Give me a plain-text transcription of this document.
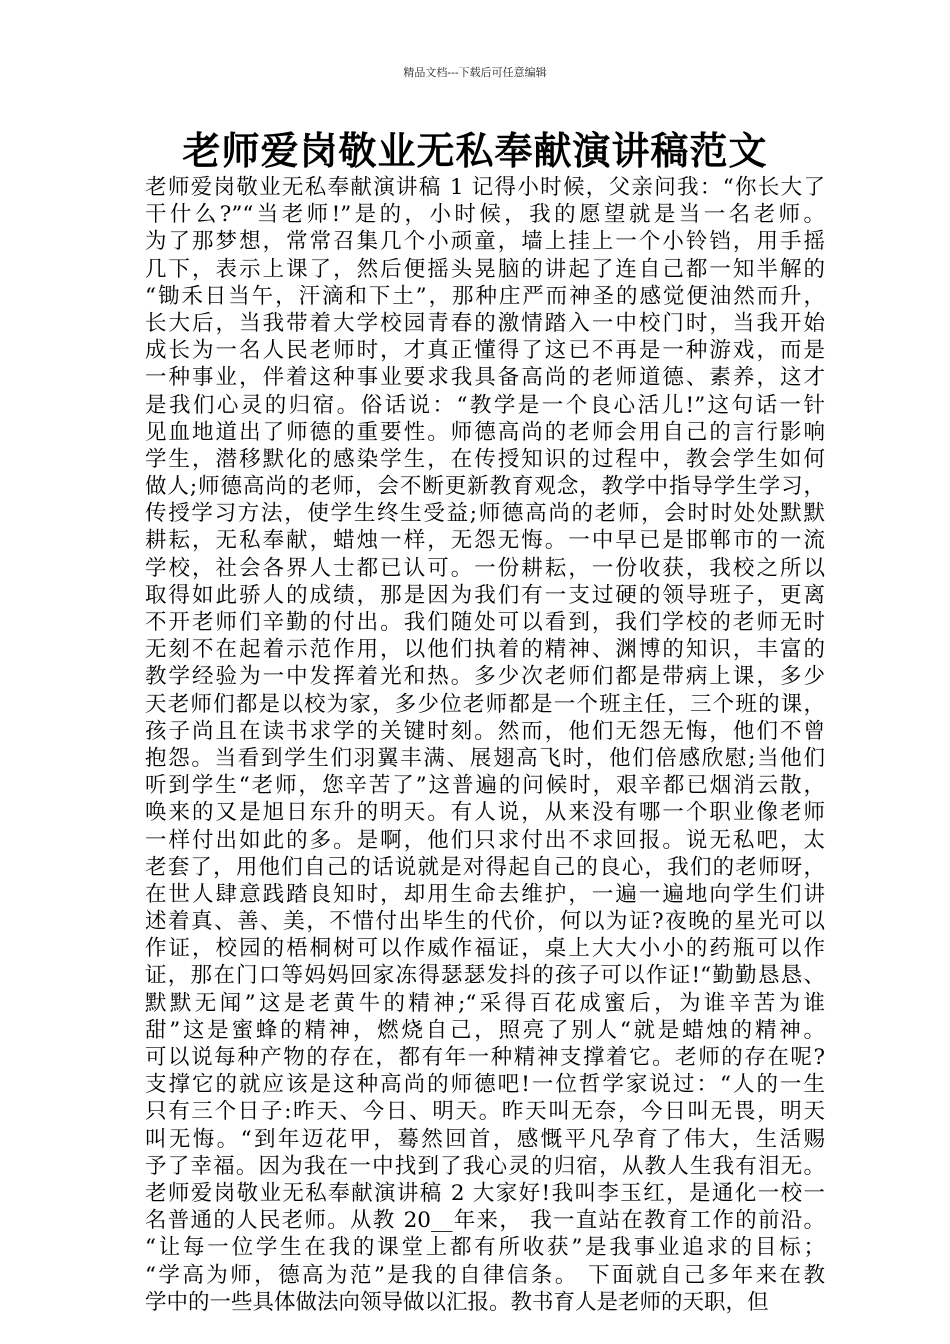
精品文档---下载后可任意编辑
老师爱岗敬业无私奉献演讲稿范文
老师爱岗敬业无私奉献演讲稿 1 记得小时候，父亲问我：“你长大了
干什么?”“当老师!”是的，小时候，我的愿望就是当一名老师。
为了那梦想，常常召集几个小顽童，墙上挂上一个小铃铛，用手摇
几下，表示上课了，然后便摇头晃脑的讲起了连自己都一知半解的
“锄禾日当午，汗滴和下土”，那种庄严而神圣的感觉便油然而升，
长大后，当我带着大学校园青春的激情踏入一中校门时，当我开始
成长为一名人民老师时，才真正懂得了这已不再是一种游戏，而是
一种事业，伴着这种事业要求我具备高尚的老师道德、素养，这才
是我们心灵的归宿。俗话说：“教学是一个良心活儿!”这句话一针
见血地道出了师德的重要性。师德高尚的老师会用自己的言行影响
学生，潜移默化的感染学生，在传授知识的过程中，教会学生如何
做人;师德高尚的老师，会不断更新教育观念，教学中指导学生学习，
传授学习方法，使学生终生受益;师德高尚的老师，会时时处处默默
耕耘，无私奉献，蜡烛一样，无怨无悔。一中早已是邯郸市的一流
学校，社会各界人士都已认可。一份耕耘，一份收获，我校之所以
取得如此骄人的成绩，那是因为我们有一支过硬的领导班子，更离
不开老师们辛勤的付出。我们随处可以看到，我们学校的老师无时
无刻不在起着示范作用，以他们执着的精神、渊博的知识，丰富的
教学经验为一中发挥着光和热。多少次老师们都是带病上课，多少
天老师们都是以校为家，多少位老师都是一个班主任，三个班的课，
孩子尚且在读书求学的关键时刻。然而，他们无怨无悔，他们不曾
抱怨。当看到学生们羽翼丰满、展翅高飞时，他们倍感欣慰;当他们
听到学生“老师，您辛苦了”这普遍的问候时，艰辛都已烟消云散，
唤来的又是旭日东升的明天。有人说，从来没有哪一个职业像老师
一样付出如此的多。是啊，他们只求付出不求回报。说无私吧，太
老套了，用他们自己的话说就是对得起自己的良心，我们的老师呀，
在世人肆意践踏良知时，却用生命去维护，一遍一遍地向学生们讲
述着真、善、美，不惜付出毕生的代价，何以为证?夜晚的星光可以
作证，校园的梧桐树可以作威作福证，桌上大大小小的药瓶可以作
证，那在门口等妈妈回家冻得瑟瑟发抖的孩子可以作证!“勤勤恳恳、
默默无闻”这是老黄牛的精神;“采得百花成蜜后，为谁辛苦为谁
甜”这是蜜蜂的精神，燃烧自己，照亮了别人“就是蜡烛的精神。
可以说每种产物的存在，都有年一种精神支撑着它。老师的存在呢?
支撑它的就应该是这种高尚的师德吧!一位哲学家说过：“人的一生
只有三个日子:昨天、今日、明天。昨天叫无奈，今日叫无畏，明天
叫无悔。“到年迈花甲，蓦然回首，感慨平凡孕育了伟大，生活赐
予了幸福。因为我在一中找到了我心灵的归宿，从教人生我有泪无。
老师爱岗敬业无私奉献演讲稿 2 大家好!我叫李玉红，是通化一校一
名普通的人民老师。从教 20__年来， 我一直站在教育工作的前沿。
“让每一位学生在我的课堂上都有所收获”是我事业追求的目标；
“学高为师，德高为范”是我的自律信条。 下面就自己多年来在教
学中的一些具体做法向领导做以汇报。教书育人是老师的天职，但
